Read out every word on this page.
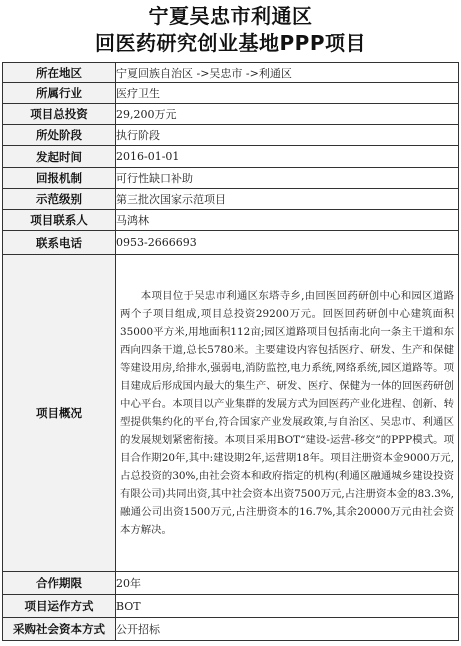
宁夏吴忠市利通区
回医药研究创业基地PPP项目
所在地区	宁夏回族自治区 ->吴忠市 ->利通区
所属行业	医疗卫生
项目总投资	29,200万元
所处阶段	执行阶段
发起时间	2016-01-01
回报机制	可行性缺口补助
示范级别	第三批次国家示范项目
项目联系人	马鸿林
联系电话	0953-2666693
项目概况	本项目位于吴忠市利通区东塔寺乡,由回医回药研创中心和园区道路两个子项目组成,项目总投资29200万元。回医回药研创中心建筑面积35000平方米,用地面积112亩;园区道路项目包括南北向一条主干道和东西向四条干道,总长5780米。主要建设内容包括医疗、研发、生产和保健等建设用房,给排水,强弱电,消防监控,电力系统,网络系统,园区道路等。项目建成后形成国内最大的集生产、研发、医疗、保健为一体的回医药研创中心平台。本项目以产业集群的发展方式为回医药产业化进程、创新、转型提供集约化的平台,符合国家产业发展政策,与自治区、吴忠市、利通区的发展规划紧密衔接。本项目采用BOT“建设-运营-移交”的PPP模式。项目合作期20年,其中:建设期2年,运营期18年。项目注册资本金9000万元,占总投资的30%,由社会资本和政府指定的机构(利通区融通城乡建设投资有限公司)共同出资,其中社会资本出资7500万元,占注册资本金的83.3%,融通公司出资1500万元,占注册资本的16.7%,其余20000万元由社会资本方解决。

合作期限	20年
项目运作方式	BOT
采购社会资本方式	公开招标
